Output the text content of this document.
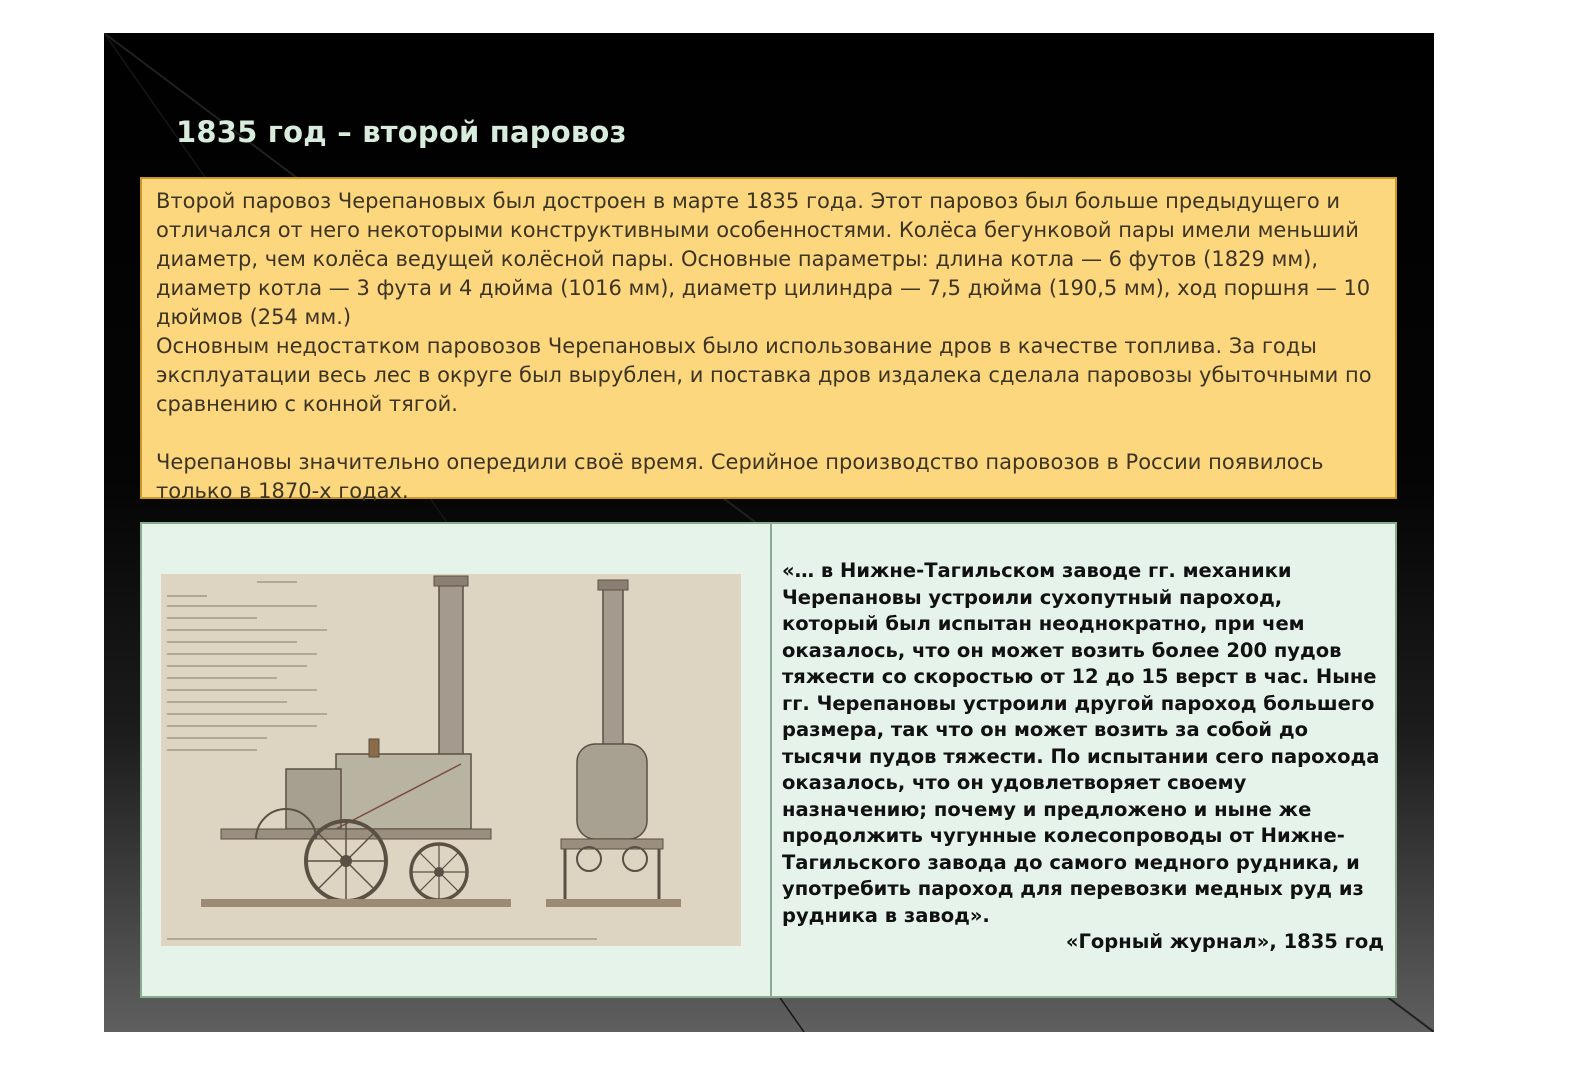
1835 год – второй паровоз

Второй паровоз Черепановых был достроен в марте 1835 года. Этот паровоз был больше предыдущего и отличался от него некоторыми конструктивными особенностями. Колёса бегунковой пары имели меньший диаметр, чем колёса ведущей колёсной пары. Основные параметры: длина котла — 6 футов (1829 мм), диаметр котла — 3 фута и 4 дюйма (1016 мм), диаметр цилиндра — 7,5 дюйма (190,5 мм), ход поршня — 10 дюймов (254 мм.)

Основным недостатком паровозов Черепановых было использование дров в качестве топлива. За годы эксплуатации весь лес в округе был вырублен, и поставка дров издалека сделала паровозы убыточными по сравнению с конной тягой.

Черепановы значительно опередили своё время. Серийное производство паровозов в России появилось только в 1870-х годах.

«… в Нижне-Тагильском заводе гг. механики Черепановы устроили сухопутный пароход, который был испытан неоднократно, при чем оказалось, что он может возить более 200 пудов тяжести со скоростью от 12 до 15 верст в час. Ныне гг. Черепановы устроили другой пароход большего размера, так что он может возить за собой до тысячи пудов тяжести. По испытании сего парохода оказалось, что он удовлетворяет своему назначению; почему и предложено и ныне же продолжить чугунные колесопроводы от Нижне-Тагильского завода до самого медного рудника, и употребить пароход для перевозки медных руд из рудника в завод».

«Горный журнал», 1835 год
